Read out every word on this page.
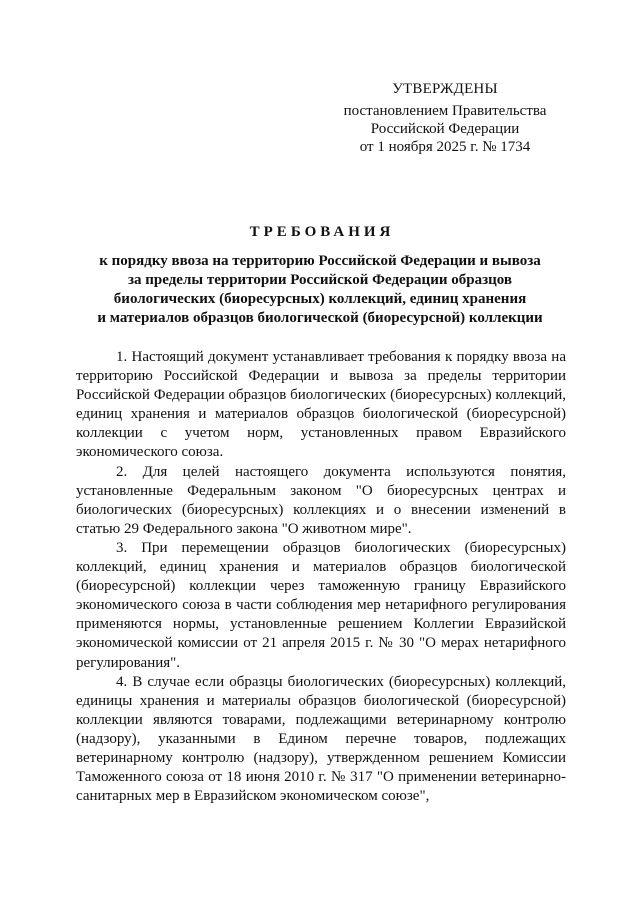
УТВЕРЖДЕНЫ
постановлением Правительства
Российской Федерации
от 1 ноября 2025 г. № 1734
ТРЕБОВАНИЯ
к порядку ввоза на территорию Российской Федерации и вывоза
за пределы территории Российской Федерации образцов
биологических (биоресурсных) коллекций, единиц хранения
и материалов образцов биологической (биоресурсной) коллекции

1. Настоящий документ устанавливает требования к порядку ввоза на территорию Российской Федерации и вывоза за пределы территории Российской Федерации образцов биологических (биоресурсных) коллекций, единиц хранения и материалов образцов биологической (биоресурсной) коллекции с учетом норм, установленных правом Евразийского экономического союза.

2. Для целей настоящего документа используются понятия, установленные Федеральным законом "О биоресурсных центрах и биологических (биоресурсных) коллекциях и о внесении изменений в статью 29 Федерального закона "О животном мире".

3. При перемещении образцов биологических (биоресурсных) коллекций, единиц хранения и материалов образцов биологической (биоресурсной) коллекции через таможенную границу Евразийского экономического союза в части соблюдения мер нетарифного регулирования применяются нормы, установленные решением Коллегии Евразийской экономической комиссии от 21 апреля 2015 г. № 30 "О мерах нетарифного регулирования".

4. В случае если образцы биологических (биоресурсных) коллекций, единицы хранения и материалы образцов биологической (биоресурсной) коллекции являются товарами, подлежащими ветеринарному контролю (надзору), указанными в Едином перечне товаров, подлежащих ветеринарному контролю (надзору), утвержденном решением Комиссии Таможенного союза от 18 июня 2010 г. № 317 "О применении ветеринарно-санитарных мер в Евразийском экономическом союзе",
